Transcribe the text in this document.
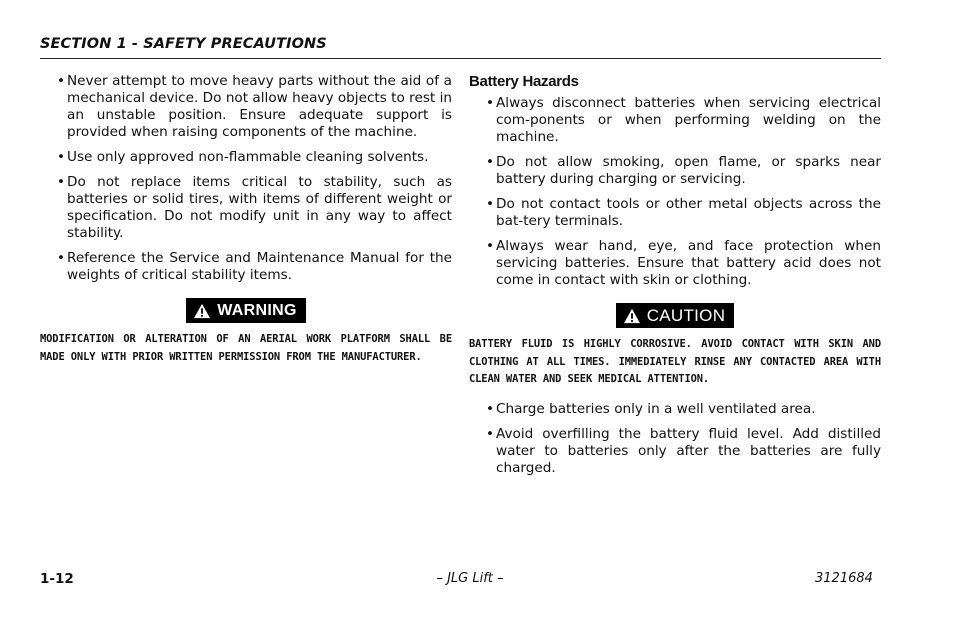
SECTION 1 - SAFETY PRECAUTIONS
• Never attempt to move heavy parts without the aid of a mechanical device. Do not allow heavy objects to rest in an unstable position. Ensure adequate support is provided when raising components of the machine.
• Use only approved non-flammable cleaning solvents.
• Do not replace items critical to stability, such as batteries or solid tires, with items of different weight or specification. Do not modify unit in any way to affect stability.
• Reference the Service and Maintenance Manual for the weights of critical stability items.
WARNING
MODIFICATION OR ALTERATION OF AN AERIAL WORK PLATFORM SHALL BE MADE ONLY WITH PRIOR WRITTEN PERMISSION FROM THE MANUFACTURER.
Battery Hazards
• Always disconnect batteries when servicing electrical com-ponents or when performing welding on the machine.
• Do not allow smoking, open flame, or sparks near battery during charging or servicing.
• Do not contact tools or other metal objects across the bat-tery terminals.
• Always wear hand, eye, and face protection when servicing batteries. Ensure that battery acid does not come in contact with skin or clothing.
CAUTION
BATTERY FLUID IS HIGHLY CORROSIVE. AVOID CONTACT WITH SKIN AND CLOTHING AT ALL TIMES. IMMEDIATELY RINSE ANY CONTACTED AREA WITH CLEAN WATER AND SEEK MEDICAL ATTENTION.
• Charge batteries only in a well ventilated area.
• Avoid overfilling the battery fluid level. Add distilled water to batteries only after the batteries are fully charged.
1-12	– JLG Lift –	3121684
